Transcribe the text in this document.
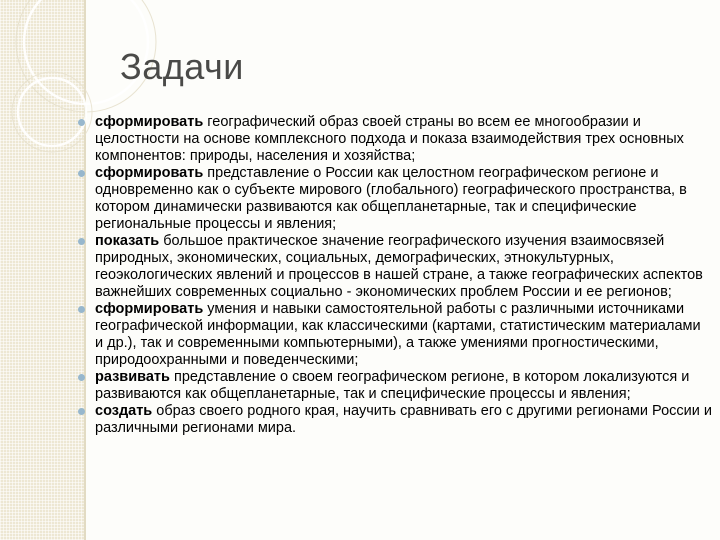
Задачи
сформировать географический образ своей страны во всем ее многообразии и целостности на основе комплексного подхода и показа взаимодействия трех основных компонентов: природы, населения и хозяйства;
сформировать представление о России как целостном географическом регионе и одновременно как о субъекте мирового (глобального) географического пространства, в котором динамически развиваются как общепланетарные, так и специфические региональные процессы и явления;
показать большое практическое значение географического изучения взаимосвязей природных, экономических, социальных, демографических, этнокультурных, геоэкологических явлений и процессов в нашей стране, а также географических аспектов важнейших современных социально - экономических проблем России и ее регионов;
сформировать умения и навыки самостоятельной работы с различными источниками географической информации, как классическими (картами, статистическим материалами и др.), так и современными компьютерными), а также умениями прогностическими, природоохранными и поведенческими;
развивать представление о своем географическом регионе, в котором локализуются и развиваются как общепланетарные, так и специфические процессы и явления;
создать образ своего родного края, научить сравнивать его с другими регионами России и различными регионами мира.
